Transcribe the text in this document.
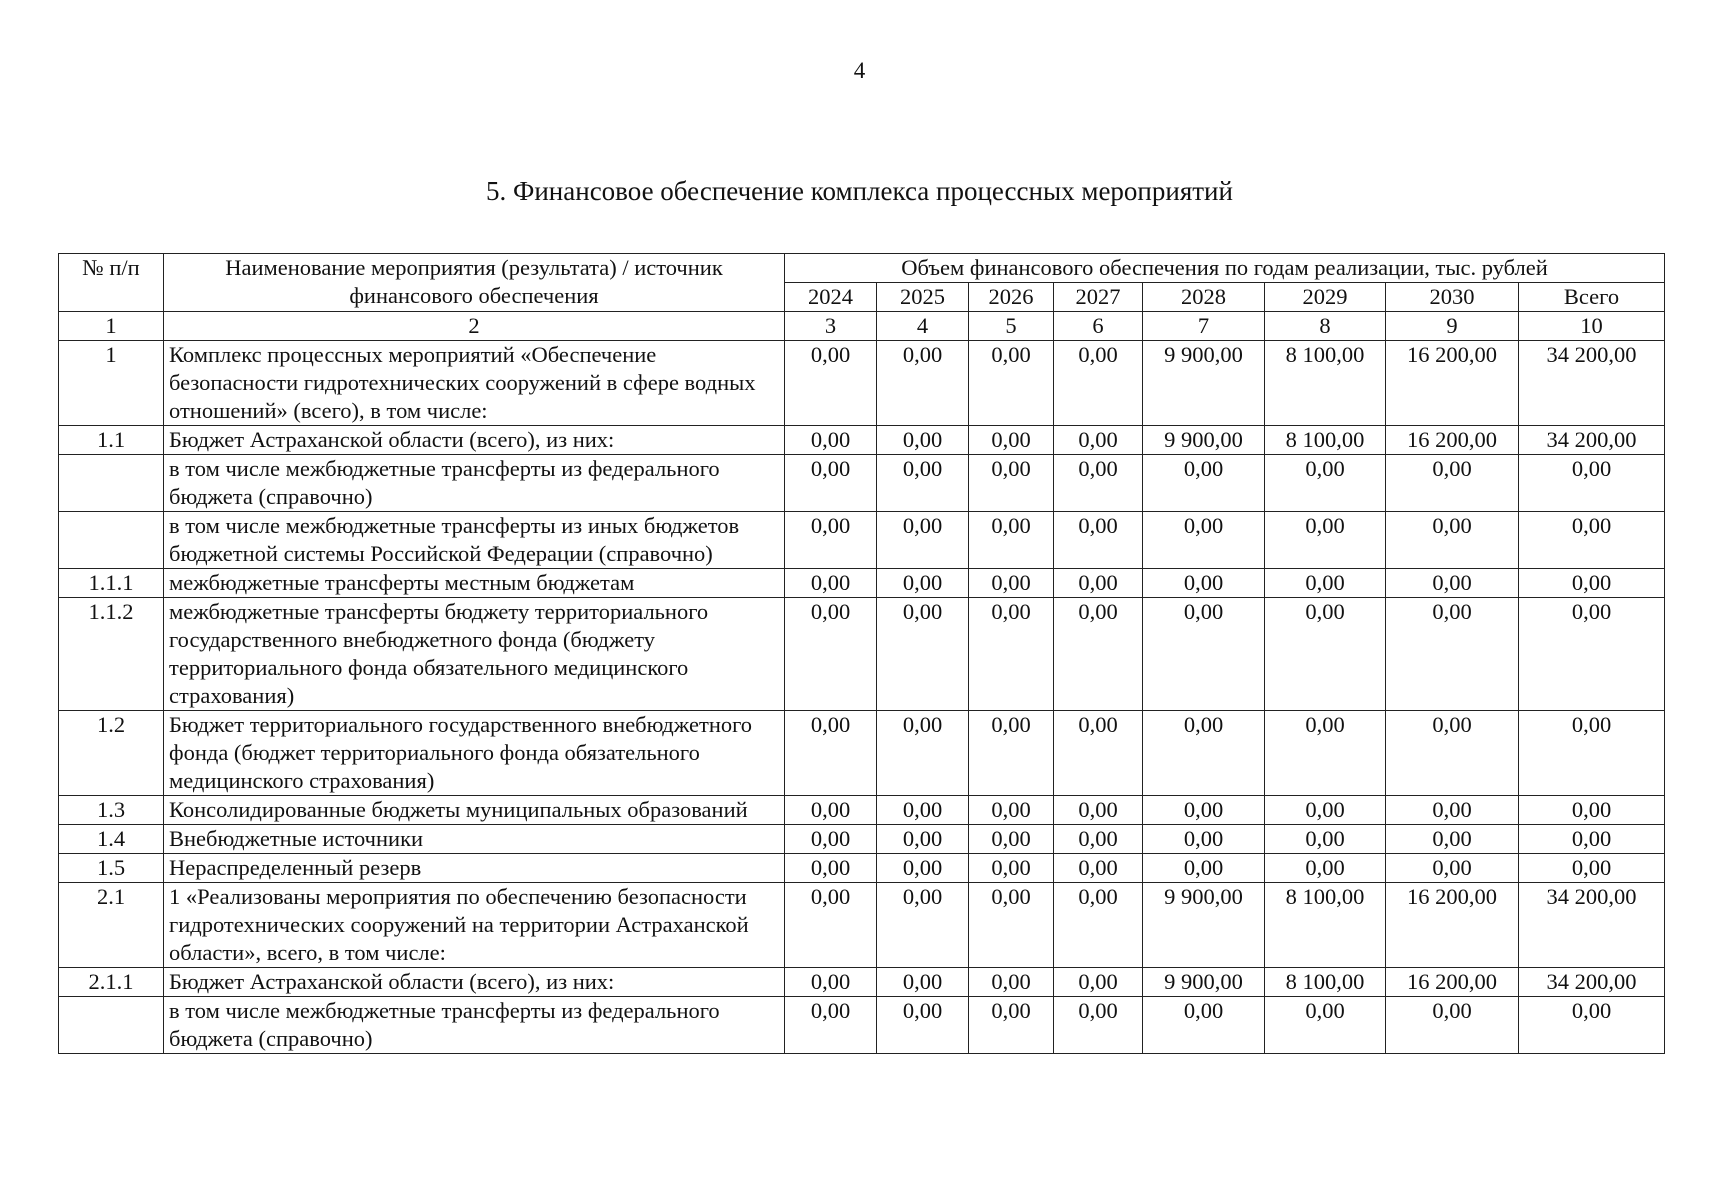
4
5. Финансовое обеспечение комплекса процессных мероприятий
№ п/п	Наименование мероприятия (результата) / источник финансового обеспечения	Объем финансового обеспечения по годам реализации, тыс. рублей							
		2024	2025	2026	2027	2028	2029	2030	Всего
1	2	3	4	5	6	7	8	9	10
1	Комплекс процессных мероприятий «Обеспечение безопасности гидротехнических сооружений в сфере водных отношений» (всего), в том числе:	0,00	0,00	0,00	0,00	9 900,00	8 100,00	16 200,00	34 200,00
1.1	Бюджет Астраханской области (всего), из них:	0,00	0,00	0,00	0,00	9 900,00	8 100,00	16 200,00	34 200,00
	в том числе межбюджетные трансферты из федерального бюджета (справочно)	0,00	0,00	0,00	0,00	0,00	0,00	0,00	0,00
	в том числе межбюджетные трансферты из иных бюджетов бюджетной системы Российской Федерации (справочно)	0,00	0,00	0,00	0,00	0,00	0,00	0,00	0,00
1.1.1	межбюджетные трансферты местным бюджетам	0,00	0,00	0,00	0,00	0,00	0,00	0,00	0,00
1.1.2	межбюджетные трансферты бюджету территориального государственного внебюджетного фонда (бюджету территориального фонда обязательного медицинского страхования)	0,00	0,00	0,00	0,00	0,00	0,00	0,00	0,00
1.2	Бюджет территориального государственного внебюджетного фонда (бюджет территориального фонда обязательного медицинского страхования)	0,00	0,00	0,00	0,00	0,00	0,00	0,00	0,00
1.3	Консолидированные бюджеты муниципальных образований	0,00	0,00	0,00	0,00	0,00	0,00	0,00	0,00
1.4	Внебюджетные источники	0,00	0,00	0,00	0,00	0,00	0,00	0,00	0,00
1.5	Нераспределенный резерв	0,00	0,00	0,00	0,00	0,00	0,00	0,00	0,00
2.1	1 «Реализованы мероприятия по обеспечению безопасности гидротехнических сооружений на территории Астраханской области», всего, в том числе:	0,00	0,00	0,00	0,00	9 900,00	8 100,00	16 200,00	34 200,00
2.1.1	Бюджет Астраханской области (всего), из них:	0,00	0,00	0,00	0,00	9 900,00	8 100,00	16 200,00	34 200,00
	в том числе межбюджетные трансферты из федерального бюджета (справочно)	0,00	0,00	0,00	0,00	0,00	0,00	0,00	0,00
